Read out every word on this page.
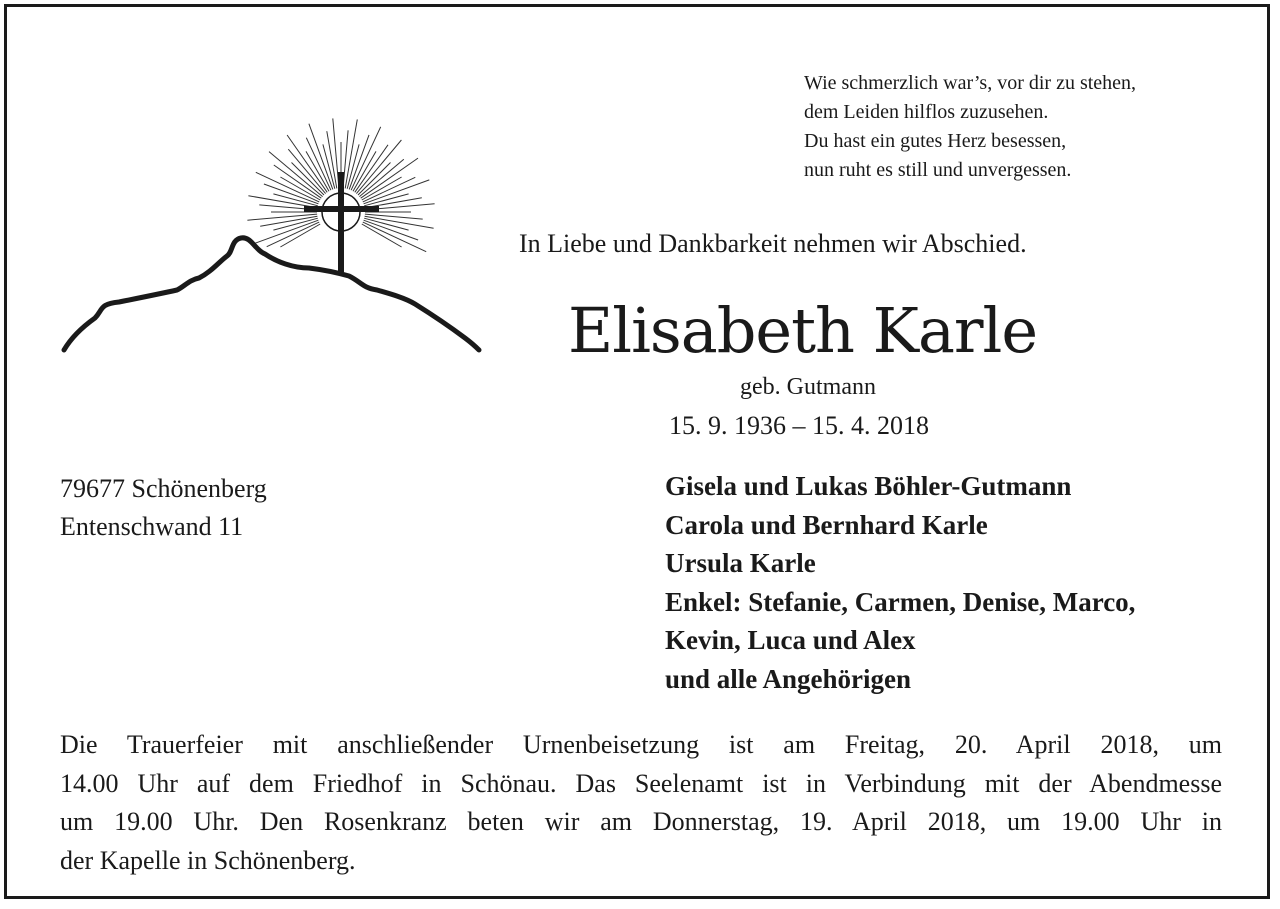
Wie schmerzlich war’s, vor dir zu stehen,
dem Leiden hilflos zuzusehen.
Du hast ein gutes Herz besessen,
nun ruht es still und unvergessen.
In Liebe und Dankbarkeit nehmen wir Abschied.
Elisabeth Karle
geb. Gutmann
15. 9. 1936 – 15. 4. 2018
79677 Schönenberg
Entenschwand 11
Gisela und Lukas Böhler-Gutmann
Carola und Bernhard Karle
Ursula Karle
Enkel: Stefanie, Carmen, Denise, Marco,
Kevin, Luca und Alex
und alle Angehörigen
Die Trauerfeier mit anschließender Urnenbeisetzung ist am Freitag, 20. April 2018, um
14.00 Uhr auf dem Friedhof in Schönau. Das Seelenamt ist in Verbindung mit der Abendmesse
um 19.00 Uhr. Den Rosenkranz beten wir am Donnerstag, 19. April 2018, um 19.00 Uhr in
der Kapelle in Schönenberg.
